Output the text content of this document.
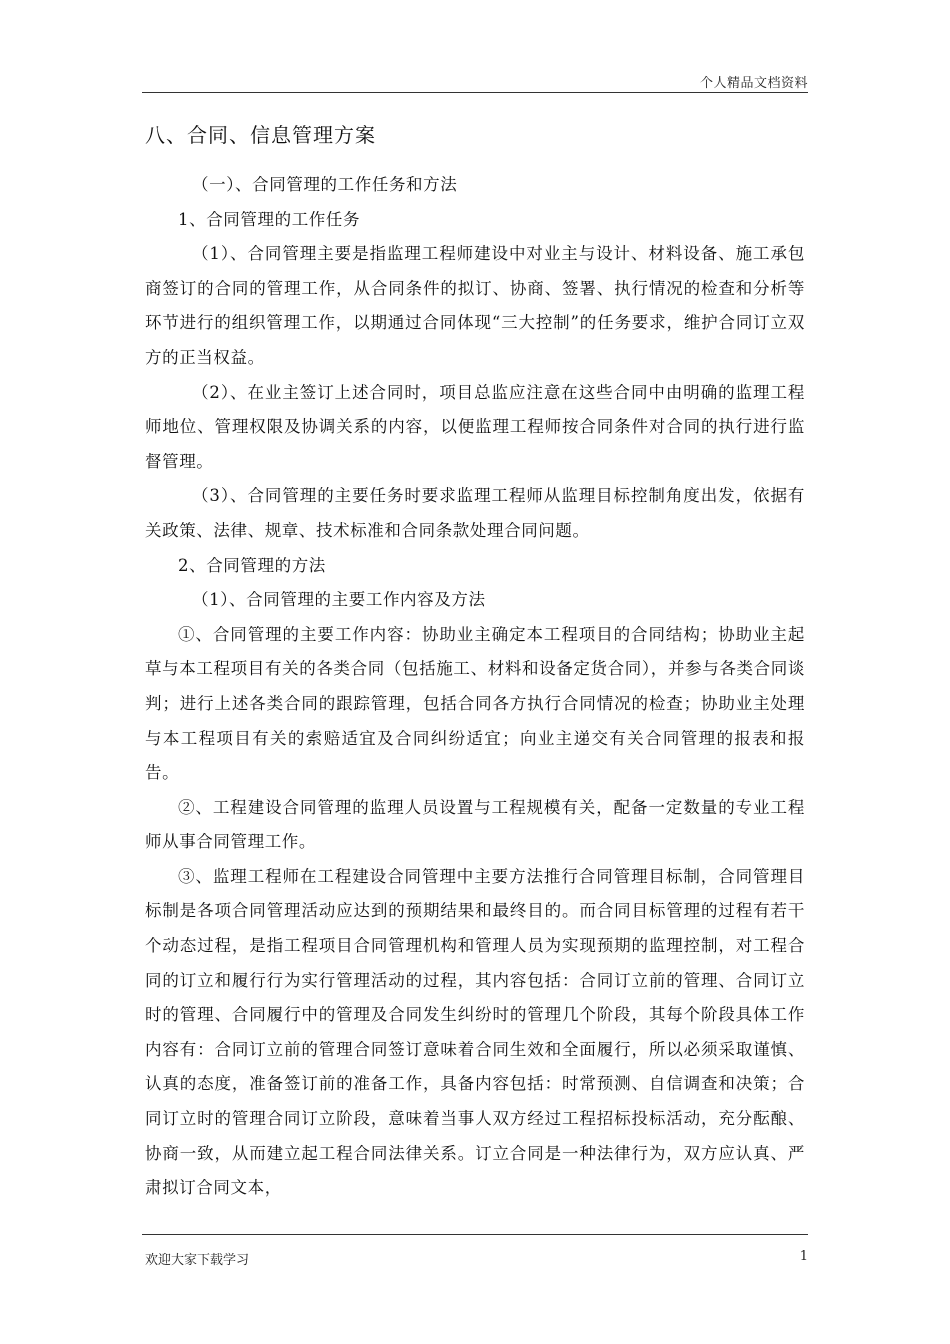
个人精品文档资料
八、合同、信息管理方案

（一）、合同管理的工作任务和方法

1、合同管理的工作任务

（1）、合同管理主要是指监理工程师建设中对业主与设计、材料设备、施工承包商签订的合同的管理工作，从合同条件的拟订、协商、签署、执行情况的检查和分析等环节进行的组织管理工作，以期通过合同体现“三大控制”的任务要求，维护合同订立双方的正当权益。

（2）、在业主签订上述合同时，项目总监应注意在这些合同中由明确的监理工程师地位、管理权限及协调关系的内容，以便监理工程师按合同条件对合同的执行进行监督管理。

（3）、合同管理的主要任务时要求监理工程师从监理目标控制角度出发，依据有关政策、法律、规章、技术标准和合同条款处理合同问题。

2、合同管理的方法

（1）、合同管理的主要工作内容及方法

①、合同管理的主要工作内容：协助业主确定本工程项目的合同结构；协助业主起草与本工程项目有关的各类合同（包括施工、材料和设备定货合同），并参与各类合同谈判；进行上述各类合同的跟踪管理，包括合同各方执行合同情况的检查；协助业主处理与本工程项目有关的索赔适宜及合同纠纷适宜；向业主递交有关合同管理的报表和报告。

②、工程建设合同管理的监理人员设置与工程规模有关，配备一定数量的专业工程师从事合同管理工作。

③、监理工程师在工程建设合同管理中主要方法推行合同管理目标制，合同管理目标制是各项合同管理活动应达到的预期结果和最终目的。而合同目标管理的过程有若干个动态过程，是指工程项目合同管理机构和管理人员为实现预期的监理控制，对工程合同的订立和履行行为实行管理活动的过程，其内容包括：合同订立前的管理、合同订立时的管理、合同履行中的管理及合同发生纠纷时的管理几个阶段，其每个阶段具体工作内容有：合同订立前的管理合同签订意味着合同生效和全面履行，所以必须采取谨慎、认真的态度，准备签订前的准备工作，具备内容包括：时常预测、自信调查和决策；合同订立时的管理合同订立阶段，意味着当事人双方经过工程招标投标活动，充分酝酿、协商一致，从而建立起工程合同法律关系。订立合同是一种法律行为，双方应认真、严肃拟订合同文本，

欢迎大家下载学习	1
